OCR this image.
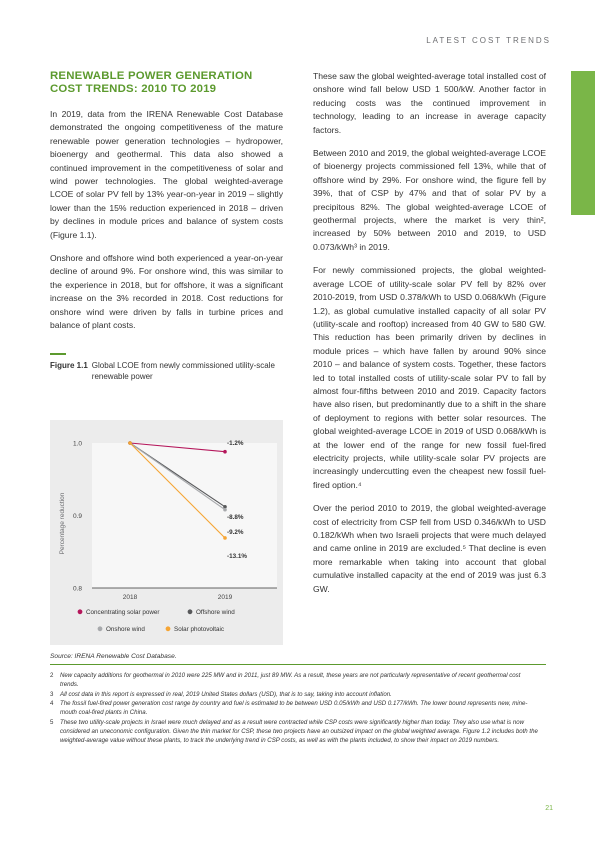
LATEST COST TRENDS
RENEWABLE POWER GENERATION COST TRENDS: 2010 TO 2019

In 2019, data from the IRENA Renewable Cost Database demonstrated the ongoing competitiveness of the mature renewable power generation technologies – hydropower, bioenergy and geothermal. This data also showed a continued improvement in the competitiveness of solar and wind power technologies. The global weighted-average LCOE of solar PV fell by 13% year-on-year in 2019 – slightly lower than the 15% reduction experienced in 2018 – driven by declines in module prices and balance of system costs (Figure 1.1).

Onshore and offshore wind both experienced a year-on-year decline of around 9%. For onshore wind, this was similar to the experience in 2018, but for offshore, it was a significant increase on the 3% recorded in 2018. Cost reductions for onshore wind were driven by falls in turbine prices and balance of plant costs.

Figure 1.1 Global LCOE from newly commissioned utility-scale renewable power
1.0
0.9
0.8
2018	2019
Percentage reduction
-1.2%
-8.8%
-9.2%
-13.1%
Concentrating solar power	Offshore wind
Onshore wind	Solar photovoltaic
Source: IRENA Renewable Cost Database.

These saw the global weighted-average total installed cost of onshore wind fall below USD 1 500/kW. Another factor in reducing costs was the continued improvement in technology, leading to an increase in average capacity factors.

Between 2010 and 2019, the global weighted-average LCOE of bioenergy projects commissioned fell 13%, while that of offshore wind by 29%. For onshore wind, the figure fell by 39%, that of CSP by 47% and that of solar PV by a precipitous 82%. The global weighted-average LCOE of geothermal projects, where the market is very thin², increased by 50% between 2010 and 2019, to USD 0.073/kWh³ in 2019.

For newly commissioned projects, the global weighted-average LCOE of utility-scale solar PV fell by 82% over 2010-2019, from USD 0.378/kWh to USD 0.068/kWh (Figure 1.2), as global cumulative installed capacity of all solar PV (utility-scale and rooftop) increased from 40 GW to 580 GW. This reduction has been primarily driven by declines in module prices – which have fallen by around 90% since 2010 – and balance of system costs. Together, these factors led to total installed costs of utility-scale solar PV to fall by almost four-fifths between 2010 and 2019. Capacity factors have also risen, but predominantly due to a shift in the share of deployment to regions with better solar resources. The global weighted-average LCOE in 2019 of USD 0.068/kWh is at the lower end of the range for new fossil fuel-fired electricity projects, while utility-scale solar PV projects are increasingly undercutting even the cheapest new fossil fuel-fired option.⁴

Over the period 2010 to 2019, the global weighted-average cost of electricity from CSP fell from USD 0.346/kWh to USD 0.182/kWh when two Israeli projects that were much delayed and came online in 2019 are excluded.⁵ That decline is even more remarkable when taking into account that global cumulative installed capacity at the end of 2019 was just 6.3 GW.

2	New capacity additions for geothermal in 2010 were 225 MW and in 2011, just 89 MW. As a result, these years are not particularly representative of recent geothermal cost trends.
3	All cost data in this report is expressed in real, 2019 United States dollars (USD), that is to say, taking into account inflation.
4	The fossil fuel-fired power generation cost range by country and fuel is estimated to be between USD 0.05/kWh and USD 0.177/kWh. The lower bound represents new, mine-mouth coal-fired plants in China.
5	These two utility-scale projects in Israel were much delayed and as a result were contracted while CSP costs were significantly higher than today. They also use what is now considered an uneconomic configuration. Given the thin market for CSP, these two projects have an outsized impact on the global weighted average. Figure 1.2 includes both the weighted-average value without these plants, to track the underlying trend in CSP costs, as well as with the plants included, to show their impact on 2019 numbers.
21
